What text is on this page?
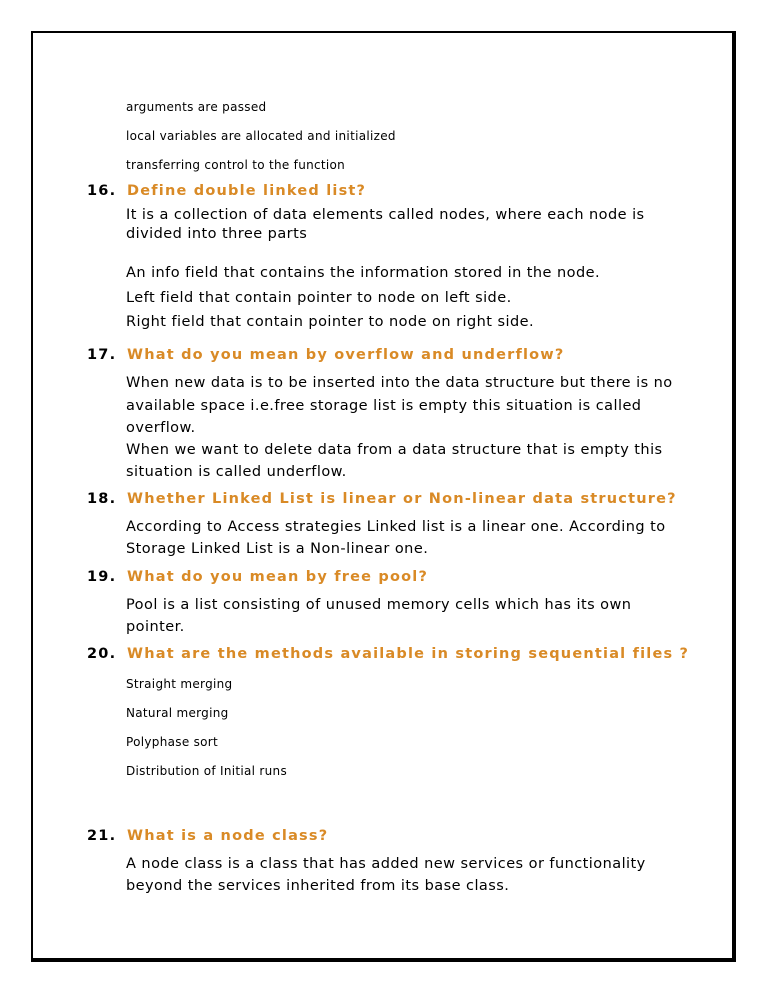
arguments are passed
local variables are allocated and initialized
transferring control to the function
16. Define double linked list?
It is a collection of data elements called nodes, where each node is
divided into three parts
An info field that contains the information stored in the node.
Left field that contain pointer to node on left side.
Right field that contain pointer to node on right side.
17. What do you mean by overflow and underflow?
When new data is to be inserted into the data structure but there is no
available space i.e.free storage list is empty this situation is called
overflow.
When we want to delete data from a data structure that is empty this
situation is called underflow.
18. Whether Linked List is linear or Non-linear data structure?
According to Access strategies Linked list is a linear one. According to
Storage Linked List is a Non-linear one.
19. What do you mean by free pool?
Pool is a list consisting of unused memory cells which has its own
pointer.
20. What are the methods available in storing sequential files ?
Straight merging
Natural merging
Polyphase sort
Distribution of Initial runs
21. What is a node class?
A node class is a class that has added new services or functionality
beyond the services inherited from its base class.
